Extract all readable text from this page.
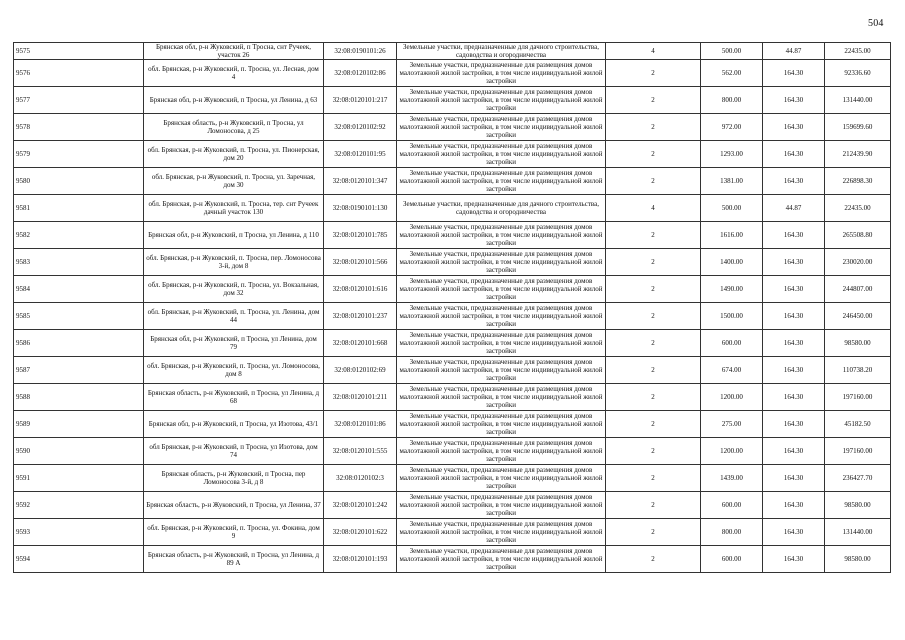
504
9575	Брянская обл, р-н Жуковский, п Тросна, снт Ручеек, участок 26	32:08:0190101:26	Земельные участки, предназначенные для дачного строительства, садоводства и огородничества	4	500.00	44.87	22435.00
9576	обл. Брянская, р-н Жуковский, п. Тросна, ул. Лесная, дом 4	32:08:0120102:86	Земельные участки, предназначенные для размещения домов малоэтажной жилой застройки, в том числе индивидуальной жилой застройки	2	562.00	164.30	92336.60
9577	Брянская обл, р-н Жуковский, п Тросна, ул Ленина, д 63	32:08:0120101:217	Земельные участки, предназначенные для размещения домов малоэтажной жилой застройки, в том числе индивидуальной жилой застройки	2	800.00	164.30	131440.00
9578	Брянская область, р-н Жуковский, п Тросна, ул Ломоносова, д 25	32:08:0120102:92	Земельные участки, предназначенные для размещения домов малоэтажной жилой застройки, в том числе индивидуальной жилой застройки	2	972.00	164.30	159699.60
9579	обл. Брянская, р-н Жуковский, п. Тросна, ул. Пионерская, дом 20	32:08:0120101:95	Земельные участки, предназначенные для размещения домов малоэтажной жилой застройки, в том числе индивидуальной жилой застройки	2	1293.00	164.30	212439.90
9580	обл. Брянская, р-н Жуковский, п. Тросна, ул. Заречная, дом 30	32:08:0120101:347	Земельные участки, предназначенные для размещения домов малоэтажной жилой застройки, в том числе индивидуальной жилой застройки	2	1381.00	164.30	226898.30
9581	обл. Брянская, р-н Жуковский, п. Тросна, тер. снт Ручеек дачный участок 130	32:08:0190101:130	Земельные участки, предназначенные для дачного строительства, садоводства и огородничества	4	500.00	44.87	22435.00
9582	Брянская обл, р-н Жуковский, п Тросна, ул Ленина, д 110	32:08:0120101:785	Земельные участки, предназначенные для размещения домов малоэтажной жилой застройки, в том числе индивидуальной жилой застройки	2	1616.00	164.30	265508.80
9583	обл. Брянская, р-н Жуковский, п. Тросна, пер. Ломоносова 3-й, дом 8	32:08:0120101:566	Земельные участки, предназначенные для размещения домов малоэтажной жилой застройки, в том числе индивидуальной жилой застройки	2	1400.00	164.30	230020.00
9584	обл. Брянская, р-н Жуковский, п. Тросна, ул. Вокзальная, дом 32	32:08:0120101:616	Земельные участки, предназначенные для размещения домов малоэтажной жилой застройки, в том числе индивидуальной жилой застройки	2	1490.00	164.30	244807.00
9585	обл. Брянская, р-н Жуковский, п. Тросна, ул. Ленина, дом 44	32:08:0120101:237	Земельные участки, предназначенные для размещения домов малоэтажной жилой застройки, в том числе индивидуальной жилой застройки	2	1500.00	164.30	246450.00
9586	Брянская обл, р-н Жуковский, п Тросна, ул Ленина, дом 79	32:08:0120101:668	Земельные участки, предназначенные для размещения домов малоэтажной жилой застройки, в том числе индивидуальной жилой застройки	2	600.00	164.30	98580.00
9587	обл. Брянская, р-н Жуковский, п. Тросна, ул. Ломоносова, дом 8	32:08:0120102:69	Земельные участки, предназначенные для размещения домов малоэтажной жилой застройки, в том числе индивидуальной жилой застройки	2	674.00	164.30	110738.20
9588	Брянская область, р-н Жуковский, п Тросна, ул Ленина, д 68	32:08:0120101:211	Земельные участки, предназначенные для размещения домов малоэтажной жилой застройки, в том числе индивидуальной жилой застройки	2	1200.00	164.30	197160.00
9589	Брянская обл, р-н Жуковский, п Тросна, ул Изотова, 43/1	32:08:0120101:86	Земельные участки, предназначенные для размещения домов малоэтажной жилой застройки, в том числе индивидуальной жилой застройки	2	275.00	164.30	45182.50
9590	обл Брянская, р-н Жуковский, п Тросна, ул Изотова, дом 74	32:08:0120101:555	Земельные участки, предназначенные для размещения домов малоэтажной жилой застройки, в том числе индивидуальной жилой застройки	2	1200.00	164.30	197160.00
9591	Брянская область, р-н Жуковский, п Тросна, пер Ломоносова 3-й, д 8	32:08:0120102:3	Земельные участки, предназначенные для размещения домов малоэтажной жилой застройки, в том числе индивидуальной жилой застройки	2	1439.00	164.30	236427.70
9592	Брянская область, р-н Жуковский, п Тросна, ул Ленина, 37	32:08:0120101:242	Земельные участки, предназначенные для размещения домов малоэтажной жилой застройки, в том числе индивидуальной жилой застройки	2	600.00	164.30	98580.00
9593	обл. Брянская, р-н Жуковский, п. Тросна, ул. Фокина, дом 9	32:08:0120101:622	Земельные участки, предназначенные для размещения домов малоэтажной жилой застройки, в том числе индивидуальной жилой застройки	2	800.00	164.30	131440.00
9594	Брянская область, р-н Жуковский, п Тросна, ул Ленина, д 89 А	32:08:0120101:193	Земельные участки, предназначенные для размещения домов малоэтажной жилой застройки, в том числе индивидуальной жилой застройки	2	600.00	164.30	98580.00
